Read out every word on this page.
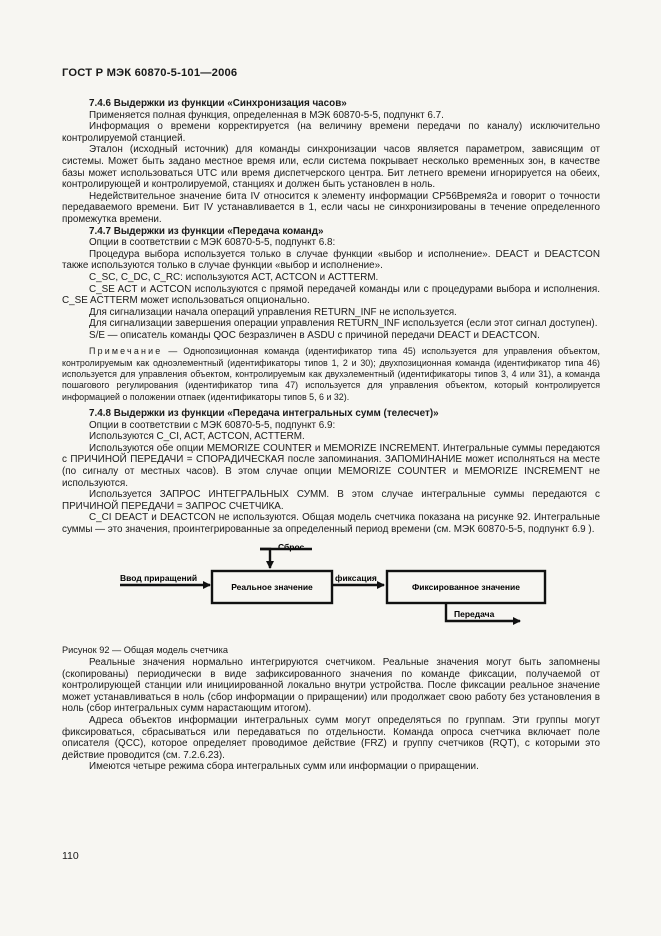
ГОСТ Р МЭК 60870-5-101—2006

7.4.6 Выдержки из функции «Синхронизация часов»

Применяется полная функция, определенная в МЭК 60870-5-5, подпункт 6.7.

Информация о времени корректируется (на величину времени передачи по каналу) исключительно контролируемой станцией.

Эталон (исходный источник) для команды синхронизации часов является параметром, зависящим от системы. Может быть задано местное время или, если система покрывает несколько временных зон, в качестве базы может использоваться UTC или время диспетчерского центра. Бит летнего времени игнорируется на обеих, контролирующей и контролируемой, станциях и должен быть установлен в ноль.

Недействительное значение бита IV относится к элементу информации CP56Время2а и говорит о точности передаваемого времени. Бит IV устанавливается в 1, если часы не синхронизированы в течение определенного промежутка времени.

7.4.7 Выдержки из функции «Передача команд»

Опции в соответствии с МЭК 60870-5-5, подпункт 6.8:

Процедура выбора используется только в случае функции «выбор и исполнение». DEACT и DEACTCON также используются только в случае функции «выбор и исполнение».

C_SC, C_DC, C_RC: используются ACT, ACTCON и ACTTERM.

C_SE ACT и ACTCON используются с прямой передачей команды или с процедурами выбора и исполнения. C_SE ACTTERM может использоваться опционально.

Для сигнализации начала операций управления RETURN_INF не используется.

Для сигнализации завершения операции управления RETURN_INF используется (если этот сигнал доступен).

S/E — описатель команды QOC безразличен в ASDU с причиной передачи DEACT и DEACTCON.

Примечание — Однопозиционная команда (идентификатор типа 45) используется для управления объектом, контролируемым как одноэлементный (идентификаторы типов 1, 2 и 30); двухпозиционная команда (идентификатор типа 46) используется для управления объектом, контролируемым как двухэлементный (идентификаторы типов 3, 4 или 31), а команда пошагового регулирования (идентификатор типа 47) используется для управления объектом, который контролируется информацией о положении отпаек (идентификаторы типов 5, 6 и 32).

7.4.8 Выдержки из функции «Передача интегральных сумм (телесчет)»

Опции в соответствии с МЭК 60870-5-5, подпункт 6.9:

Используются C_CI, ACT, ACTCON, ACTTERM.

Используются обе опции MEMORIZE COUNTER и MEMORIZE INCREMENT. Интегральные суммы передаются с ПРИЧИНОЙ ПЕРЕДАЧИ = СПОРАДИЧЕСКАЯ после запоминания. ЗАПОМИНАНИЕ может исполняться на месте (по сигналу от местных часов). В этом случае опции MEMORIZE COUNTER и MEMORIZE INCREMENT не используются.

Используется ЗАПРОС ИНТЕГРАЛЬНЫХ СУММ. В этом случае интегральные суммы передаются с ПРИЧИНОЙ ПЕРЕДАЧИ = ЗАПРОС СЧЕТЧИКА.

C_CI DEACT и DEACTCON не используются. Общая модель счетчика показана на рисунке 92. Интегральные суммы — это значения, проинтегрированные за определенный период времени (см. МЭК 60870-5-5, подпункт 6.9 ).

Ввод приращений
Реальное значение
Сброс
фиксация
Фиксированное значение
Передача

Рисунок 92 — Общая модель счетчика

Реальные значения нормально интегрируются счетчиком. Реальные значения могут быть запомнены (скопированы) периодически в виде зафиксированного значения по команде фиксации, получаемой от контролирующей станции или инициированной локально внутри устройства. После фиксации реальное значение может устанавливаться в ноль (сбор информации о приращении) или продолжает свою работу без установления в ноль (сбор интегральных сумм нарастающим итогом).

Адреса объектов информации интегральных сумм могут определяться по группам. Эти группы могут фиксироваться, сбрасываться или передаваться по отдельности. Команда опроса счетчика включает поле описателя (QCC), которое определяет проводимое действие (FRZ) и группу счетчиков (RQT), с которыми это действие проводится (см. 7.2.6.23).

Имеются четыре режима сбора интегральных сумм или информации о приращении.

110
